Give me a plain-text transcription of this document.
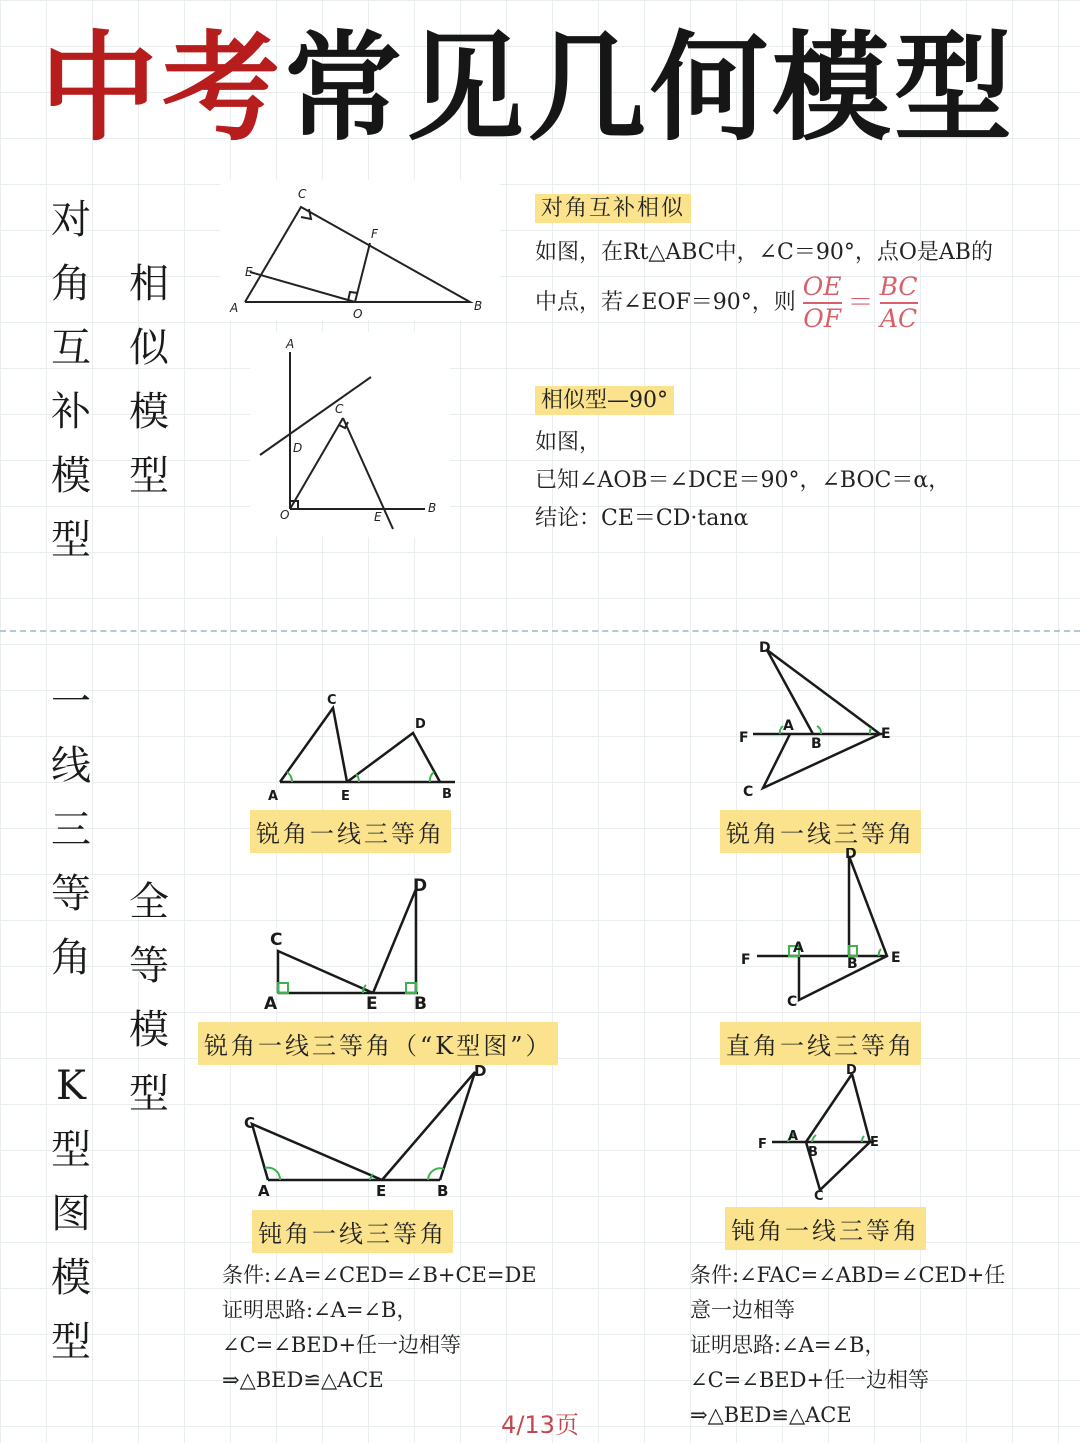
中考常见几何模型
对
角
互
补
模
型
相
似
模
型
A	B
C
E
F
O
A
B
C
D
E
O
对角互补相似
如图，在Rt△ABC中，∠C＝90°，点O是AB的
中点，若∠EOF＝90°，则 $\frac{OE}{OF} = \frac{BC}{AC}$
相似型—90°
如图，
已知∠AOB＝∠DCE＝90°，∠BOC＝α，
结论：CE＝CD·tanα
一
线
三
等
角
K
型
图
模
型
全
等
模
型
A	B
C
D
E
锐角一线三等角
A	B
C
D
E
锐角一线三等角（“K型图”）
A	B
C
D
E
钝角一线三等角
F
A
B
D
E
C
锐角一线三等角
F
A
B
D
E
C
直角一线三等角
F
A
B
D
E
C
钝角一线三等角
条件:∠A=∠CED=∠B+CE=DE
证明思路:∠A=∠B，
∠C=∠BED+任一边相等
⇒△BED≌△ACE
条件:∠FAC=∠ABD=∠CED+任
意一边相等
证明思路:∠A=∠B，
∠C=∠BED+任一边相等
⇒△BED≌△ACE
4/13页
